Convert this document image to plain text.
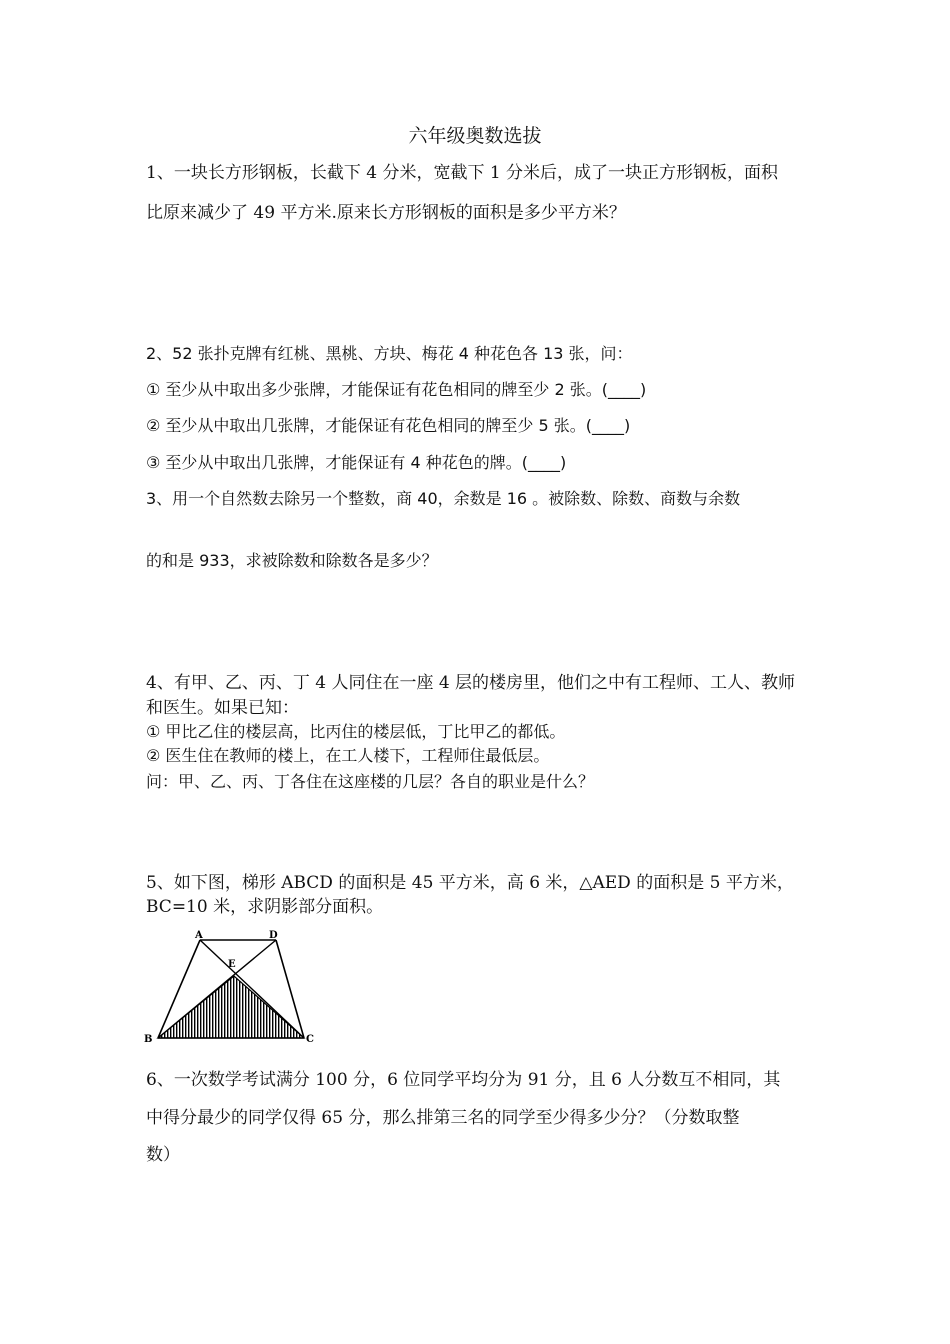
六年级奥数选拔
1、一块长方形钢板，长截下 4 分米，宽截下 1 分米后，成了一块正方形钢板，面积
比原来减少了 49 平方米.原来长方形钢板的面积是多少平方米？
2、52 张扑克牌有红桃、黑桃、方块、梅花 4 种花色各 13 张，问：
① 至少从中取出多少张牌，才能保证有花色相同的牌至少 2 张。(____)
② 至少从中取出几张牌，才能保证有花色相同的牌至少 5 张。(____)
③ 至少从中取出几张牌，才能保证有 4 种花色的牌。(____)
3、用一个自然数去除另一个整数，商 40，余数是 16 。被除数、除数、商数与余数
的和是 933，求被除数和除数各是多少？
4、有甲、乙、丙、丁 4 人同住在一座 4 层的楼房里，他们之中有工程师、工人、教师
和医生。如果已知：
① 甲比乙住的楼层高，比丙住的楼层低，丁比甲乙的都低。
② 医生住在教师的楼上，在工人楼下，工程师住最低层。
问：甲、乙、丙、丁各住在这座楼的几层？各自的职业是什么？
5、如下图，梯形 ABCD 的面积是 45 平方米，高 6 米，△AED 的面积是 5 平方米，
BC=10 米，求阴影部分面积。
A	D
E
B	C
6、一次数学考试满分 100 分，6 位同学平均分为 91 分，且 6 人分数互不相同，其
中得分最少的同学仅得 65 分，那么排第三名的同学至少得多少分？（分数取整
数）
